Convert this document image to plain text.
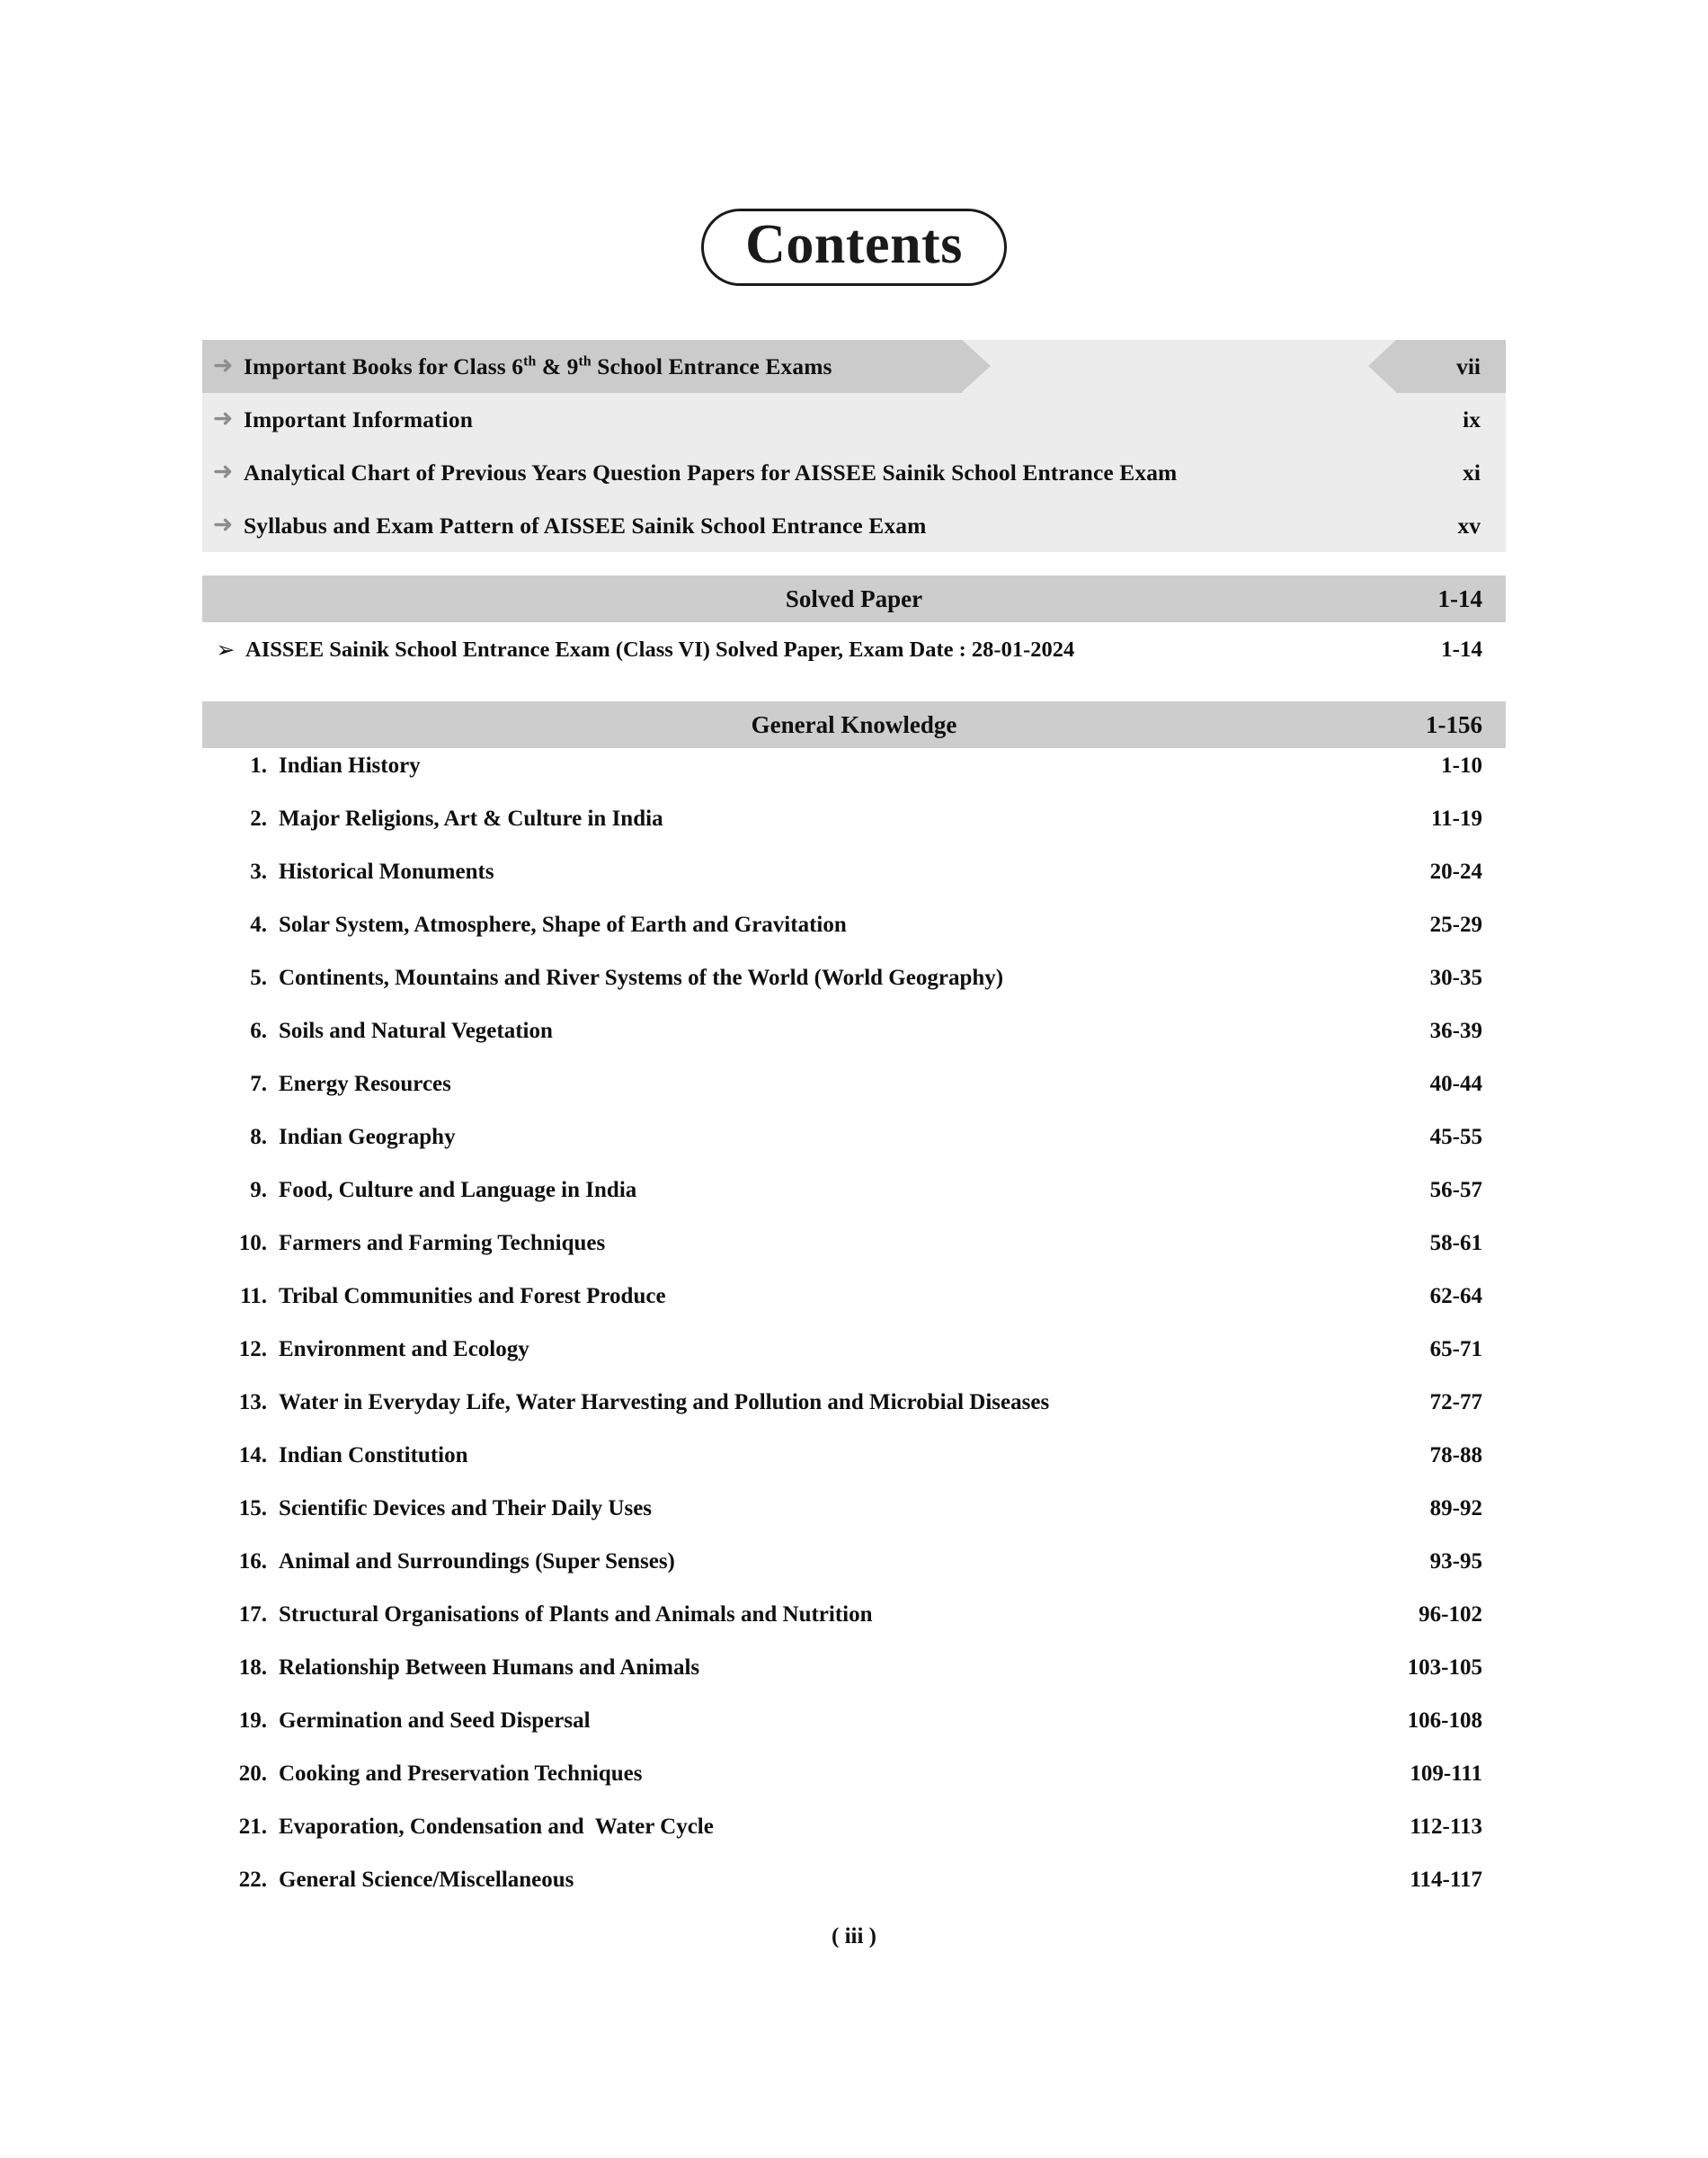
Contents
➜ Important Books for Class 6th & 9th School Entrance Exams	vii
➜ Important Information	ix
➜ Analytical Chart of Previous Years Question Papers for AISSEE Sainik School Entrance Exam	xi
➜ Syllabus and Exam Pattern of AISSEE Sainik School Entrance Exam	xv
Solved Paper	1-14
➢ AISSEE Sainik School Entrance Exam (Class VI) Solved Paper, Exam Date : 28-01-2024	1-14
General Knowledge	1-156
1. Indian History	1-10
2. Major Religions, Art & Culture in India	11-19
3. Historical Monuments	20-24
4. Solar System, Atmosphere, Shape of Earth and Gravitation	25-29
5. Continents, Mountains and River Systems of the World (World Geography)	30-35
6. Soils and Natural Vegetation	36-39
7. Energy Resources	40-44
8. Indian Geography	45-55
9. Food, Culture and Language in India	56-57
10. Farmers and Farming Techniques	58-61
11. Tribal Communities and Forest Produce	62-64
12. Environment and Ecology	65-71
13. Water in Everyday Life, Water Harvesting and Pollution and Microbial Diseases	72-77
14. Indian Constitution	78-88
15. Scientific Devices and Their Daily Uses	89-92
16. Animal and Surroundings (Super Senses)	93-95
17. Structural Organisations of Plants and Animals and Nutrition	96-102
18. Relationship Between Humans and Animals	103-105
19. Germination and Seed Dispersal	106-108
20. Cooking and Preservation Techniques	109-111
21. Evaporation, Condensation and  Water Cycle	112-113
22. General Science/Miscellaneous	114-117
( iii )
